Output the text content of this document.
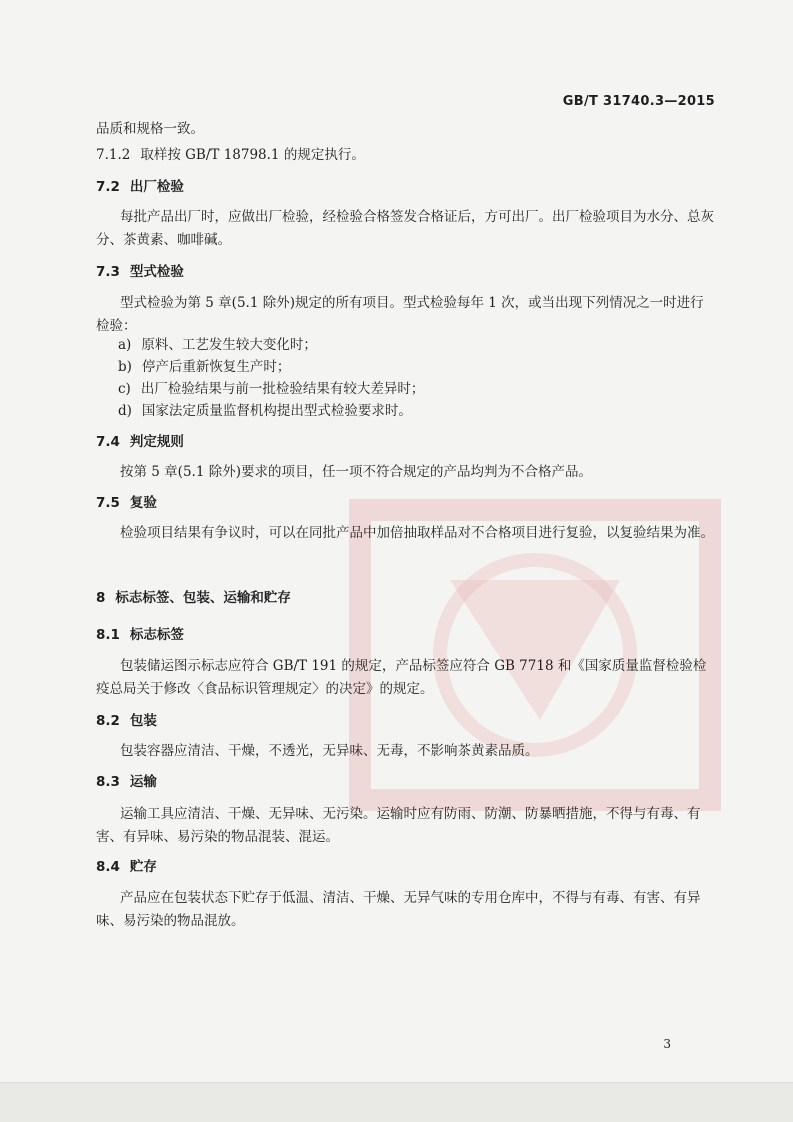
GB/T 31740.3—2015
品质和规格一致。
7.1.2 取样按 GB/T 18798.1 的规定执行。
7.2 出厂检验
每批产品出厂时，应做出厂检验，经检验合格签发合格证后，方可出厂。出厂检验项目为水分、总灰分、茶黄素、咖啡碱。
7.3 型式检验
型式检验为第 5 章(5.1 除外)规定的所有项目。型式检验每年 1 次，或当出现下列情况之一时进行检验：
a) 原料、工艺发生较大变化时；
b) 停产后重新恢复生产时；
c) 出厂检验结果与前一批检验结果有较大差异时；
d) 国家法定质量监督机构提出型式检验要求时。
7.4 判定规则
按第 5 章(5.1 除外)要求的项目，任一项不符合规定的产品均判为不合格产品。
7.5 复验
检验项目结果有争议时，可以在同批产品中加倍抽取样品对不合格项目进行复验，以复验结果为准。
8 标志标签、包装、运输和贮存
8.1 标志标签
包装储运图示标志应符合 GB/T 191 的规定，产品标签应符合 GB 7718 和《国家质量监督检验检疫总局关于修改〈食品标识管理规定〉的决定》的规定。
8.2 包装
包装容器应清洁、干燥，不透光，无异味、无毒，不影响茶黄素品质。
8.3 运输
运输工具应清洁、干燥、无异味、无污染。运输时应有防雨、防潮、防暴晒措施，不得与有毒、有害、有异味、易污染的物品混装、混运。
8.4 贮存
产品应在包装状态下贮存于低温、清洁、干燥、无异气味的专用仓库中，不得与有毒、有害、有异味、易污染的物品混放。
3
